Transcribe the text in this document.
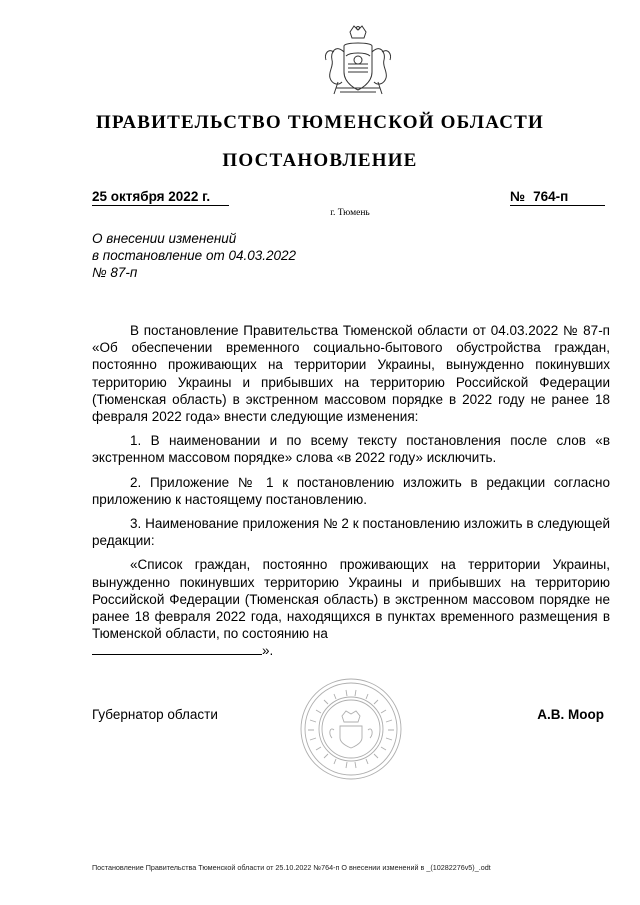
ПРАВИТЕЛЬСТВО ТЮМЕНСКОЙ ОБЛАСТИ
ПОСТАНОВЛЕНИЕ
25 октября 2022 г.	№ 764-п
г. Тюмень
О внесении изменений
в постановление от 04.03.2022
№ 87-п

В постановление Правительства Тюменской области от 04.03.2022 № 87-п «Об обеспечении временного социально-бытового обустройства граждан, постоянно проживающих на территории Украины, вынужденно покинувших территорию Украины и прибывших на территорию Российской Федерации (Тюменская область) в экстренном массовом порядке в 2022 году не ранее 18 февраля 2022 года» внести следующие изменения:

1. В наименовании и по всему тексту постановления после слов «в экстренном массовом порядке» слова «в 2022 году» исключить.

2. Приложение № 1 к постановлению изложить в редакции согласно приложению к настоящему постановлению.

3. Наименование приложения № 2 к постановлению изложить в следующей редакции:

«Список граждан, постоянно проживающих на территории Украины, вынужденно покинувших территорию Украины и прибывших на территорию Российской Федерации (Тюменская область) в экстренном массовом порядке не ранее 18 февраля 2022 года, находящихся в пунктах временного размещения в Тюменской области, по состоянию на

».
Губернатор области	А.В. Моор
Постановление Правительства Тюменской области от 25.10.2022 №764-п О внесении изменений в _(10282276v5)_.odt
